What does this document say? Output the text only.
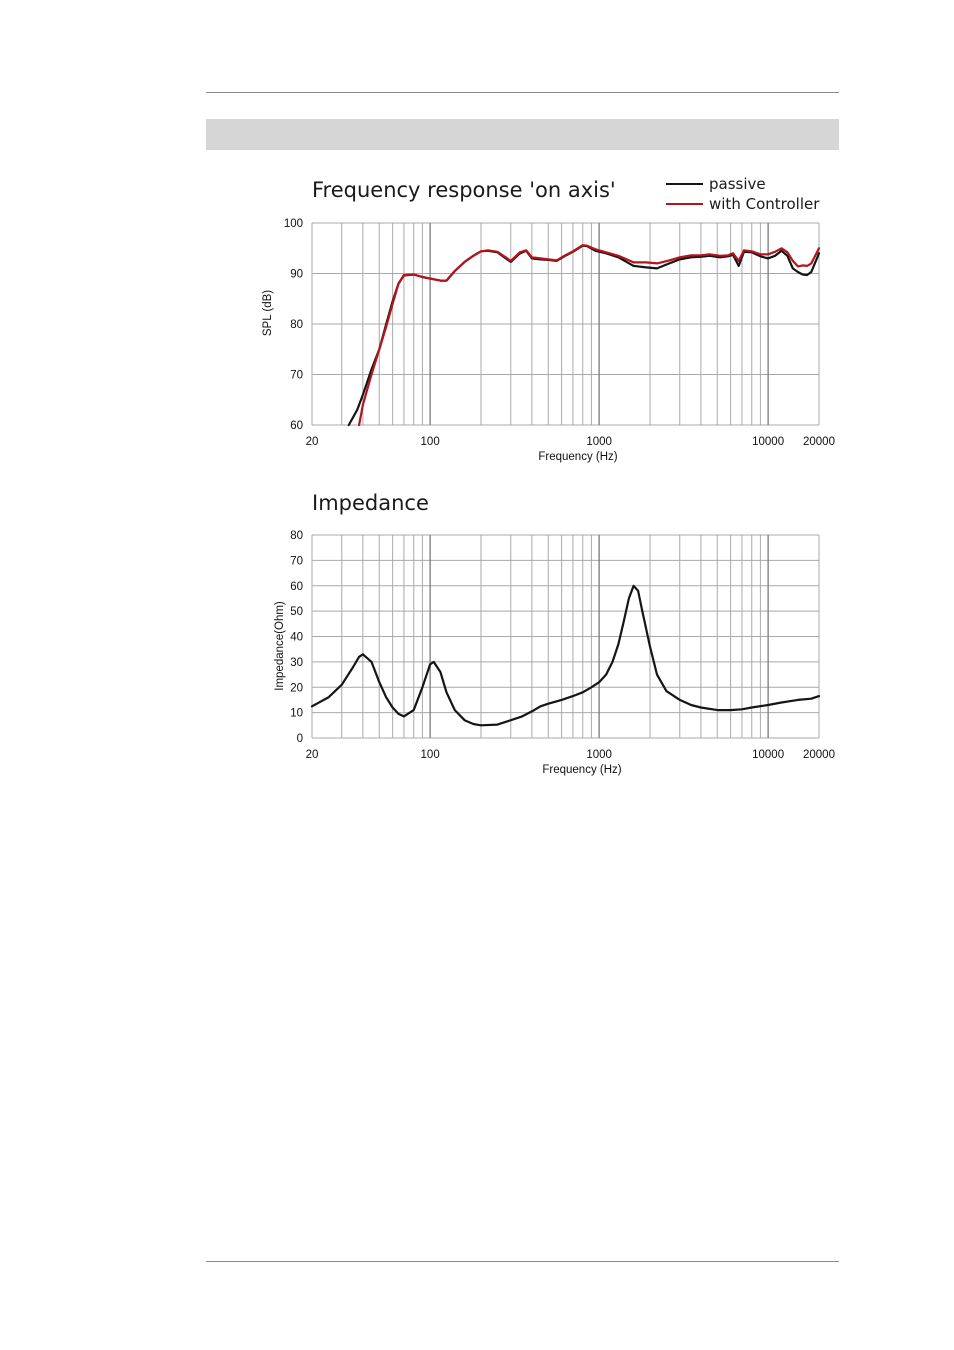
Frequency response 'on axis'	passive
with Controller
100
90
80
70
60
20	100	1000	10000 20000
Frequency (Hz)
SPL (dB)
Impedance
80
70
60
50
40
30
20
10
0
20	100	1000	10000 20000
Frequency (Hz)
Impedance(Ohm)
